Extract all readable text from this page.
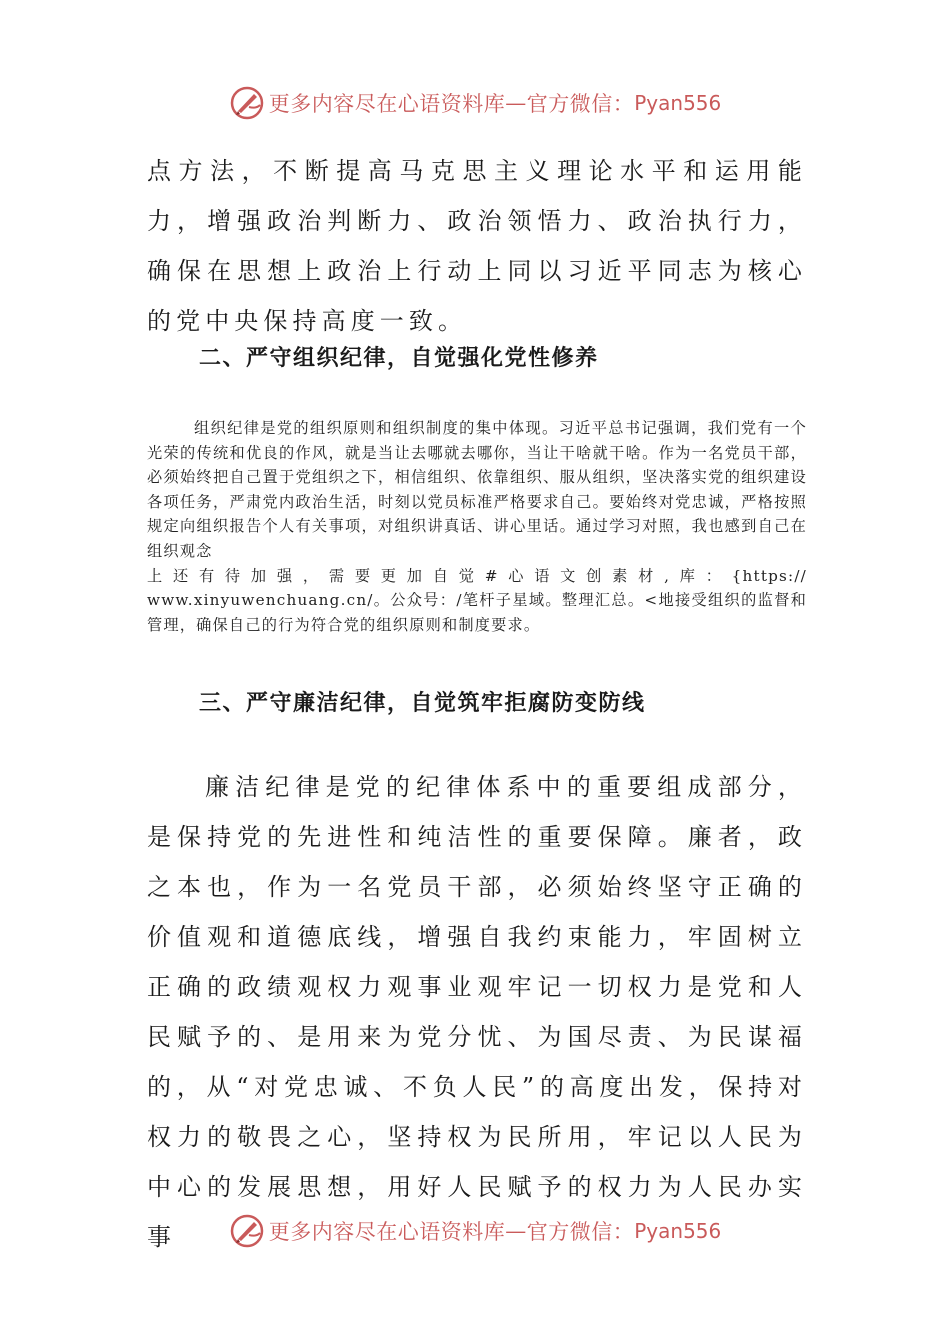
更多内容尽在心语资料库 — 官方微信： Pyan556

点方法，不断提高马克思主义理论水平和运用能力，增强政治判断力、政治领悟力、政治执行力，确保在思想上政治上行动上同以习近平同志为核心的党中央保持高度一致。

二、严守组织纪律，自觉强化党性修养

组织纪律是党的组织原则和组织制度的集中体现。习近平总书记强调，我们党有一个光荣的传统和优良的作风，就是当让去哪就去哪你，当让干啥就干啥。作为一名党员干部，必须始终把自己置于党组织之下，相信组织、依靠组织、服从组织，坚决落实党的组织建设各项任务，严肃党内政治生活，时刻以党员标准严格要求自己。要始终对党忠诚，严格按照规定向组织报告个人有关事项，对组织讲真话、讲心里话。通过学习对照，我也感到自己在组织观念
上还有待加强，需要更加自觉#心语文创素材,库：{https://
www.xinyuwenchuang.cn/。公众号：/笔杆子星域。整理汇总。<地接受组织的监督和管理，确保自己的行为符合党的组织原则和制度要求。

三、严守廉洁纪律，自觉筑牢拒腐防变防线

廉洁纪律是党的纪律体系中的重要组成部分，是保持党的先进性和纯洁性的重要保障。廉者，政之本也，作为一名党员干部，必须始终坚守正确的价值观和道德底线，增强自我约束能力，牢固树立正确的政绩观权力观事业观牢记一切权力是党和人民赋予的、是用来为党分忧、为国尽责、为民谋福的，从“对党忠诚、不负人民”的高度出发，保持对权力的敬畏之心，坚持权为民所用，牢记以人民为中心的发展思想，用好人民赋予的权力为人民办实事	更多内容尽在心语资料库 — 官方微信： Pyan556
